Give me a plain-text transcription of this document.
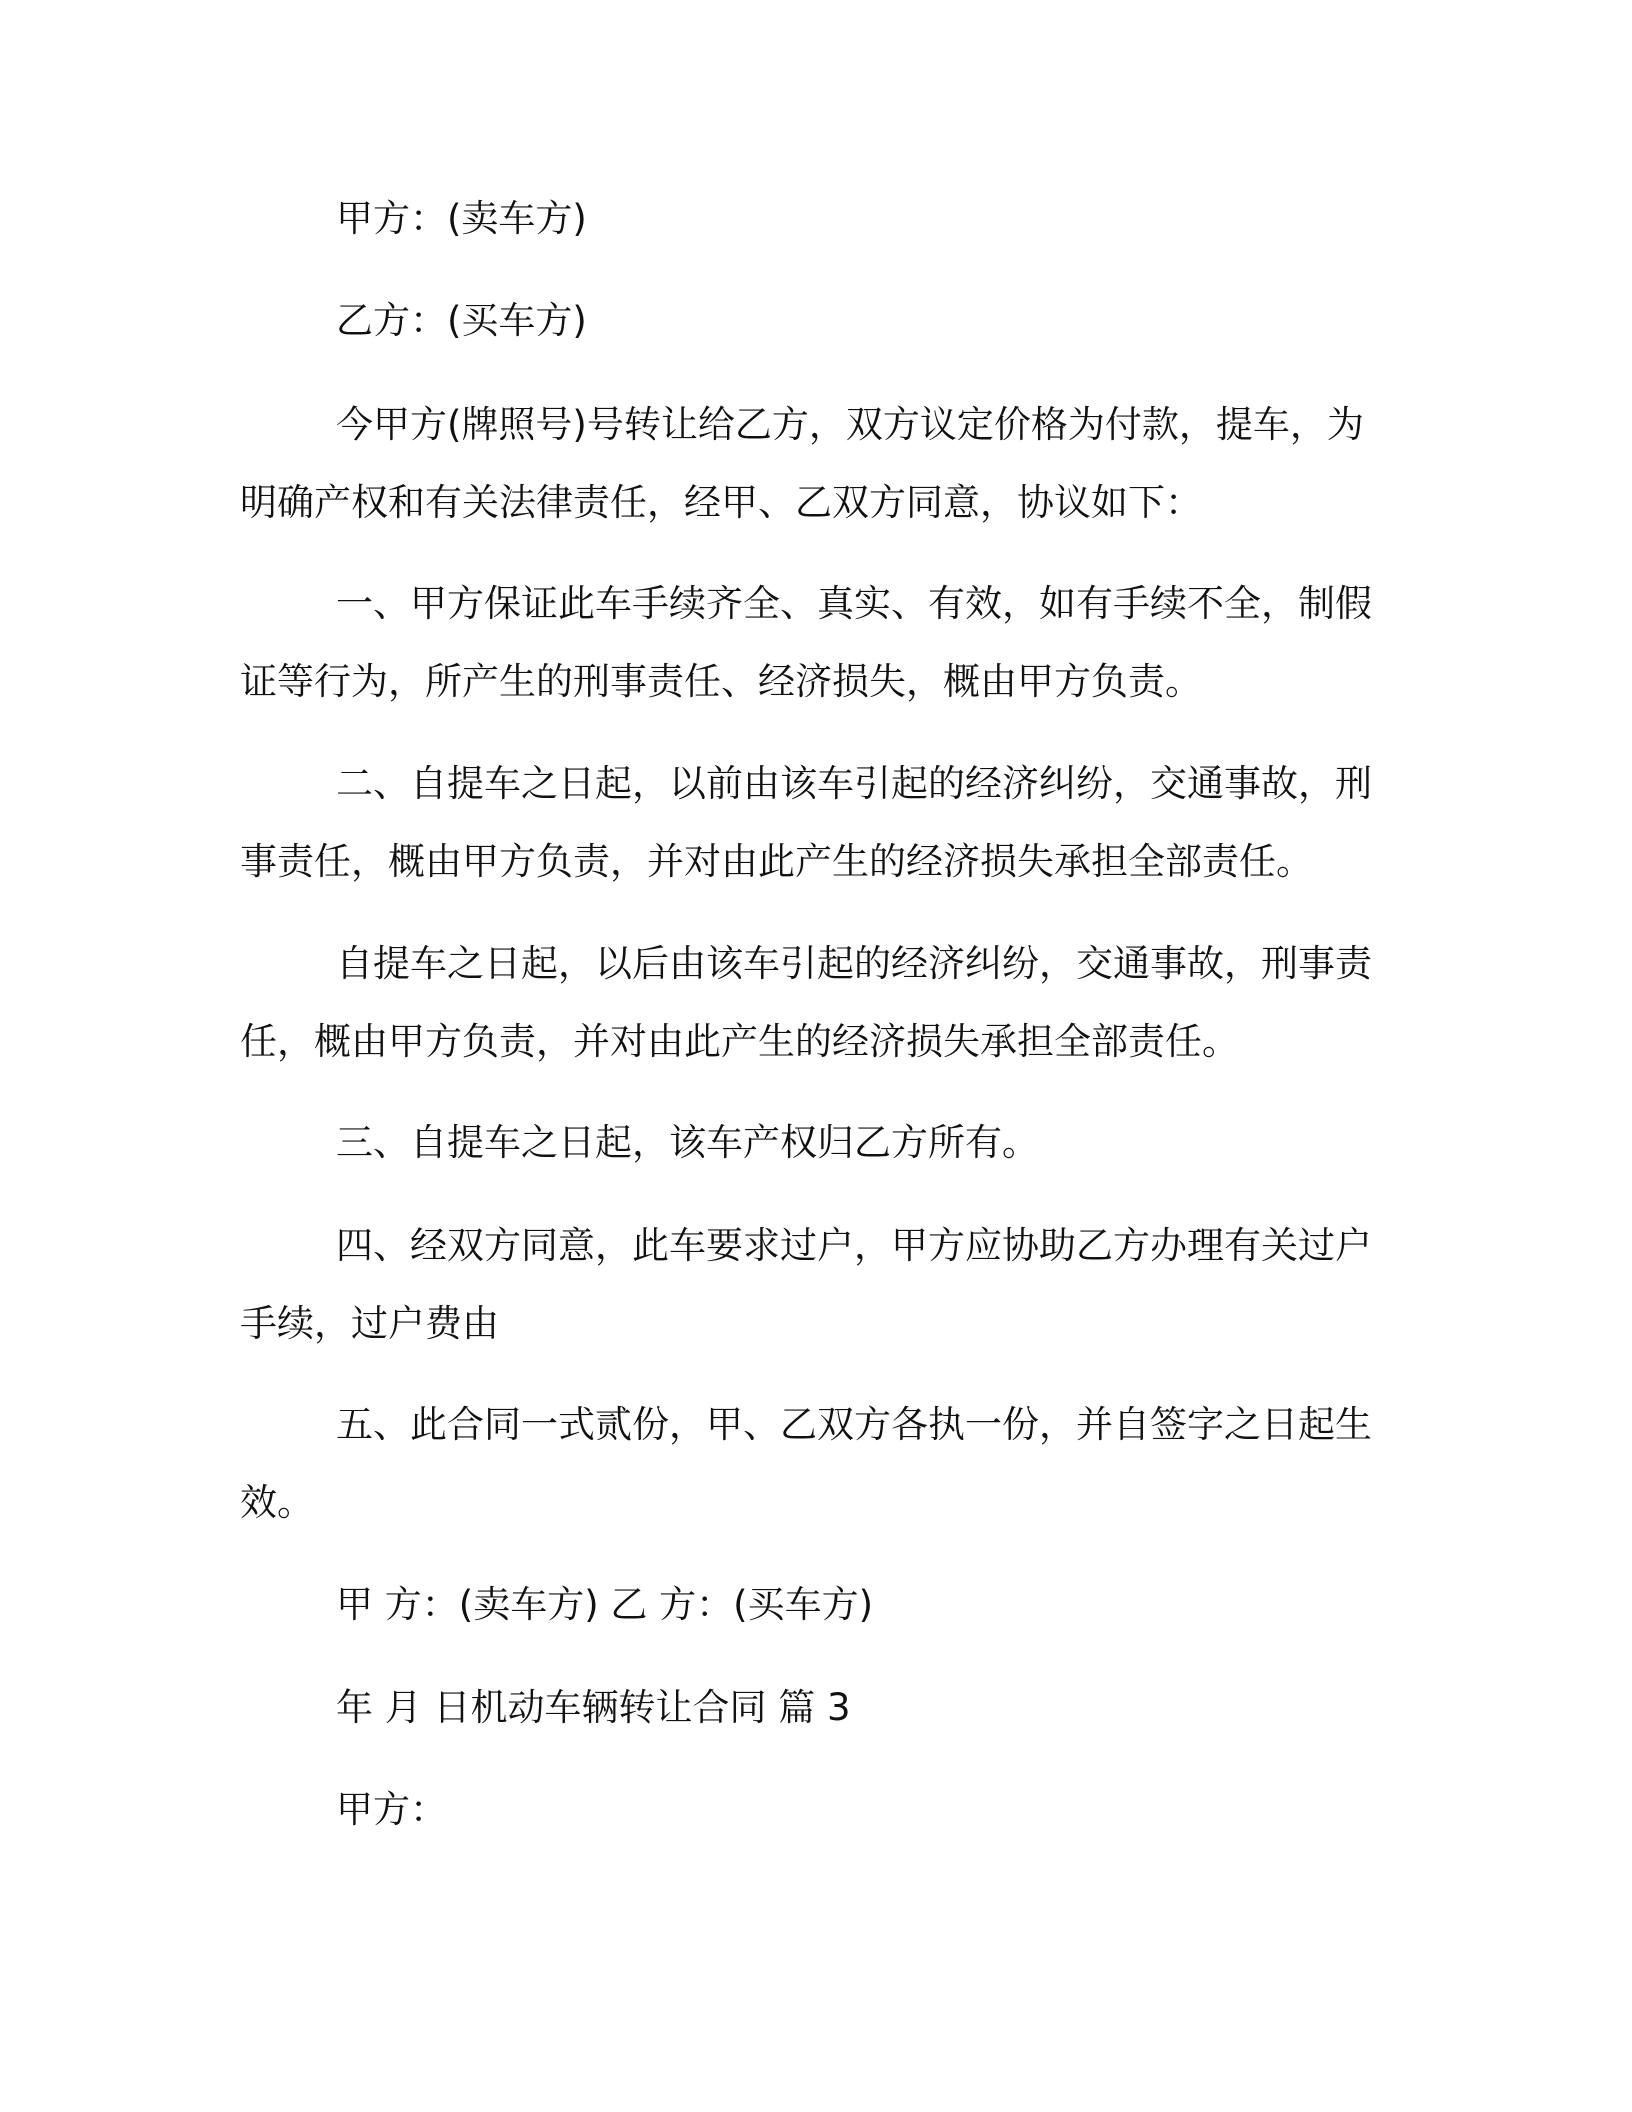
甲方：(卖车方)

乙方：(买车方)

今甲方(牌照号)号转让给乙方，双方议定价格为付款，提车，为明确产权和有关法律责任，经甲、乙双方同意，协议如下：

一、甲方保证此车手续齐全、真实、有效，如有手续不全，制假证等行为，所产生的刑事责任、经济损失，概由甲方负责。

二、自提车之日起，以前由该车引起的经济纠纷，交通事故，刑事责任，概由甲方负责，并对由此产生的经济损失承担全部责任。

自提车之日起，以后由该车引起的经济纠纷，交通事故，刑事责任，概由甲方负责，并对由此产生的经济损失承担全部责任。

三、自提车之日起，该车产权归乙方所有。

四、经双方同意，此车要求过户，甲方应协助乙方办理有关过户手续，过户费由

五、此合同一式贰份，甲、乙双方各执一份，并自签字之日起生效。

甲 方：(卖车方) 乙 方：(买车方)

年 月 日机动车辆转让合同 篇 3

甲方：
